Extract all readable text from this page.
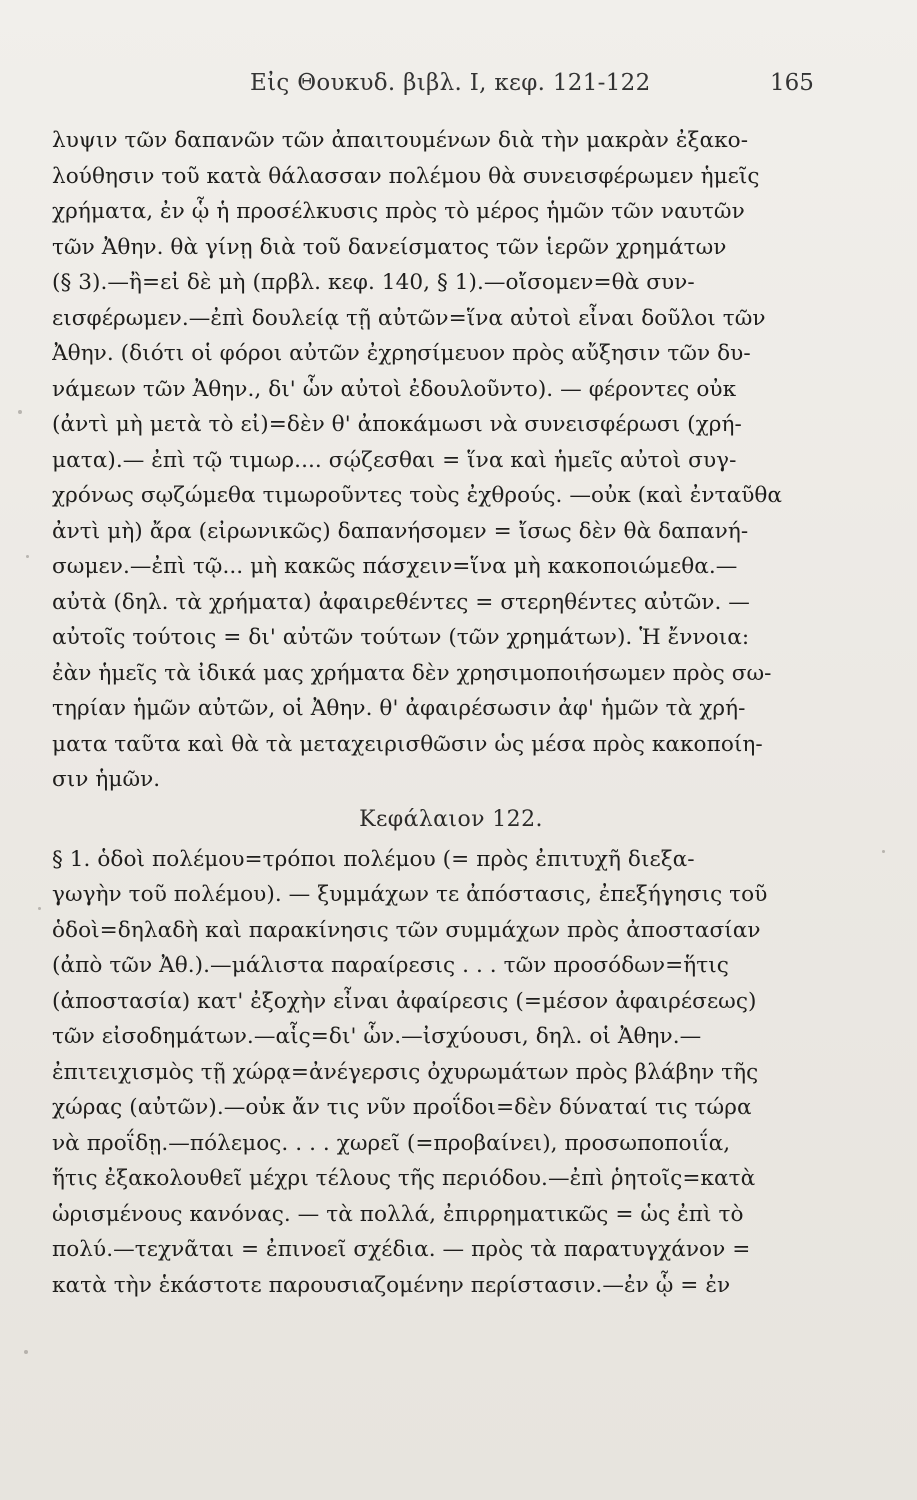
Εἰς Θουκυδ. βιβλ. Ι, κεφ. 121-122	165
λυψιν τῶν δαπανῶν τῶν ἀπαιτουμένων διὰ τὴν μακρὰν ἐξακο-
λούθησιν τοῦ κατὰ θάλασσαν πολέμου θὰ συνεισφέρωμεν ἡμεῖς
χρήματα, ἐν ᾧ ἡ προσέλκυσις πρὸς τὸ μέρος ἡμῶν τῶν ναυτῶν
τῶν Ἀθην. θὰ γίνῃ διὰ τοῦ δανείσματος τῶν ἱερῶν χρημάτων
(§ 3).—ἢ=εἰ δὲ μὴ (πρβλ. κεφ. 140, § 1).—οἴσομεν=θὰ συν-
εισφέρωμεν.—ἐπὶ δουλείᾳ τῇ αὐτῶν=ἵνα αὐτοὶ εἶναι δοῦλοι τῶν
Ἀθην. (διότι οἱ φόροι αὐτῶν ἐχρησίμευον πρὸς αὔξησιν τῶν δυ-
νάμεων τῶν Ἀθην., δι' ὧν αὐτοὶ ἐδουλοῦντο). — φέροντες οὐκ
(ἀντὶ μὴ μετὰ τὸ εἰ)=δὲν θ' ἀποκάμωσι νὰ συνεισφέρωσι (χρή-
ματα).— ἐπὶ τῷ τιμωρ.... σῴζεσθαι = ἵνα καὶ ἡμεῖς αὐτοὶ συγ-
χρόνως σῳζώμεθα τιμωροῦντες τοὺς ἐχθρούς. —οὐκ (καὶ ἐνταῦθα
ἀντὶ μὴ) ἄρα (εἰρωνικῶς) δαπανήσομεν = ἴσως δὲν θὰ δαπανή-
σωμεν.—ἐπὶ τῷ... μὴ κακῶς πάσχειν=ἵνα μὴ κακοποιώμεθα.—
αὐτὰ (δηλ. τὰ χρήματα) ἀφαιρεθέντες = στερηθέντες αὐτῶν. —
αὐτοῖς τούτοις = δι' αὐτῶν τούτων (τῶν χρημάτων). Ἡ ἔννοια:
ἐὰν ἡμεῖς τὰ ἰδικά μας χρήματα δὲν χρησιμοποιήσωμεν πρὸς σω-
τηρίαν ἡμῶν αὐτῶν, οἱ Ἀθην. θ' ἀφαιρέσωσιν ἀφ' ἡμῶν τὰ χρή-
ματα ταῦτα καὶ θὰ τὰ μεταχειρισθῶσιν ὡς μέσα πρὸς κακοποίη-
σιν ἡμῶν.
Κεφάλαιον 122.
§ 1. ὁδοὶ πολέμου=τρόποι πολέμου (= πρὸς ἐπιτυχῆ διεξα-
γωγὴν τοῦ πολέμου). — ξυμμάχων τε ἀπόστασις, ἐπεξήγησις τοῦ
ὁδοὶ=δηλαδὴ καὶ παρακίνησις τῶν συμμάχων πρὸς ἀποστασίαν
(ἀπὸ τῶν Ἀθ.).—μάλιστα παραίρεσις . . . τῶν προσόδων=ἥτις
(ἀποστασία) κατ' ἐξοχὴν εἶναι ἀφαίρεσις (=μέσον ἀφαιρέσεως)
τῶν εἰσοδημάτων.—αἷς=δι' ὧν.—ἰσχύουσι, δηλ. οἱ Ἀθην.—
ἐπιτειχισμὸς τῇ χώρᾳ=ἀνέγερσις ὀχυρωμάτων πρὸς βλάβην τῆς
χώρας (αὐτῶν).—οὐκ ἄν τις νῦν προΐδοι=δὲν δύναταί τις τώρα
νὰ προΐδῃ.—πόλεμος. . . . χωρεῖ (=προβαίνει), προσωποποιΐα,
ἥτις ἐξακολουθεῖ μέχρι τέλους τῆς περιόδου.—ἐπὶ ῥητοῖς=κατὰ
ὡρισμένους κανόνας. — τὰ πολλά, ἐπιρρηματικῶς = ὡς ἐπὶ τὸ
πολύ.—τεχνᾶται = ἐπινοεῖ σχέδια. — πρὸς τὰ παρατυγχάνον =
κατὰ τὴν ἑκάστοτε παρουσιαζομένην περίστασιν.—ἐν ᾧ = ἐν
